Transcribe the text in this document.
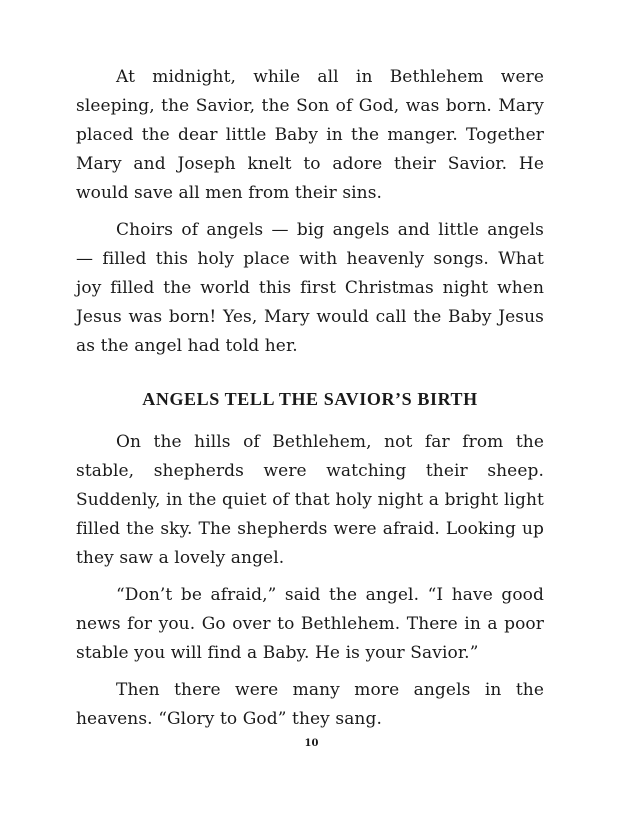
At midnight, while all in Bethlehem were sleeping, the Savior, the Son of God, was born. Mary placed the dear little Baby in the manger. Together Mary and Joseph knelt to adore their Savior. He would save all men from their sins.

Choirs of angels — big angels and little angels — filled this holy place with heavenly songs. What joy filled the world this first Christmas night when Jesus was born! Yes, Mary would call the Baby Jesus as the angel had told her.

ANGELS TELL THE SAVIOR’S BIRTH

On the hills of Bethlehem, not far from the stable, shepherds were watching their sheep. Suddenly, in the quiet of that holy night a bright light filled the sky. The shepherds were afraid. Looking up they saw a lovely angel.

“Don’t be afraid,” said the angel. “I have good news for you. Go over to Bethlehem. There in a poor stable you will find a Baby. He is your Savior.”

Then there were many more angels in the heavens. “Glory to God” they sang.

10
